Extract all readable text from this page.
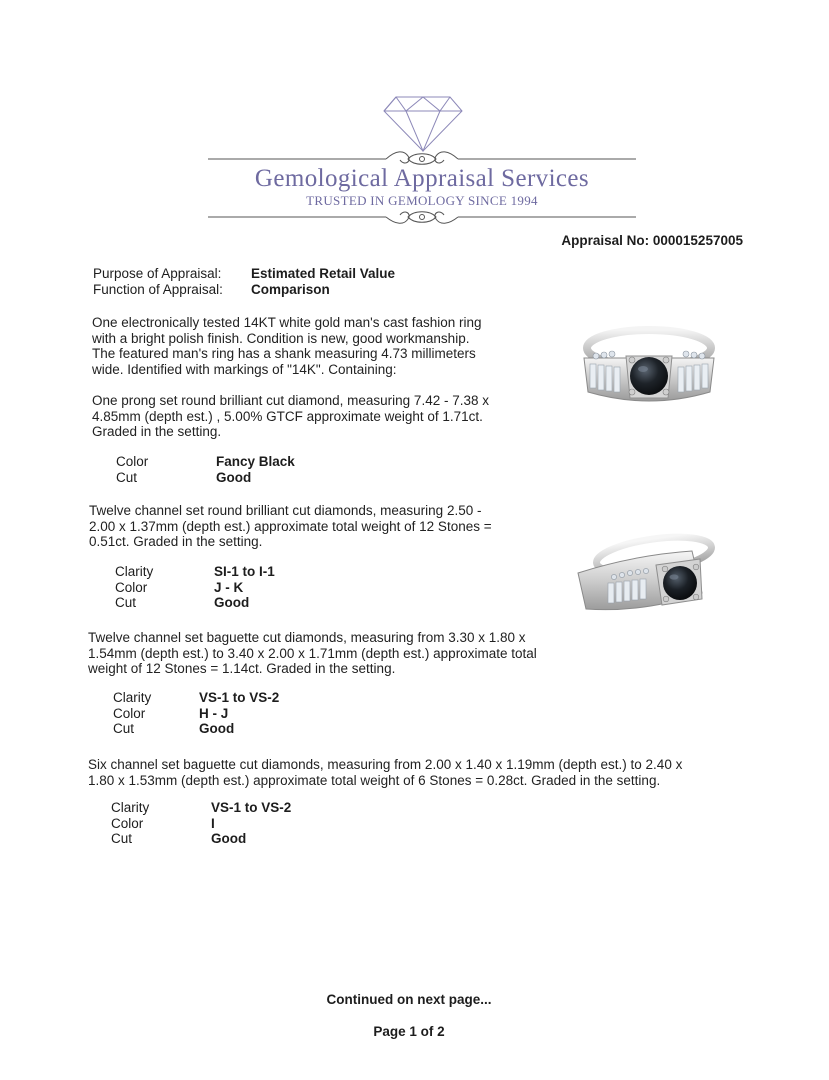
Gemological Appraisal Services
TRUSTED IN GEMOLOGY SINCE 1994
Appraisal No: 000015257005
Purpose of Appraisal: Estimated Retail Value
Function of Appraisal: Comparison
One electronically tested 14KT white gold man's cast fashion ring with a bright polish finish. Condition is new, good workmanship. The featured man's ring has a shank measuring 4.73 millimeters wide. Identified with markings of "14K". Containing:
One prong set round brilliant cut diamond, measuring 7.42 - 7.38 x 4.85mm (depth est.) , 5.00% GTCF approximate weight of 1.71ct. Graded in the setting.
Color	Fancy Black
Cut	Good
Twelve channel set round brilliant cut diamonds, measuring 2.50 - 2.00 x 1.37mm (depth est.) approximate total weight of 12 Stones = 0.51ct. Graded in the setting.
Clarity	SI-1 to I-1
Color	J - K
Cut	Good
Twelve channel set baguette cut diamonds, measuring from 3.30 x 1.80 x 1.54mm (depth est.) to 3.40 x 2.00 x 1.71mm (depth est.) approximate total weight of 12 Stones = 1.14ct. Graded in the setting.
Clarity	VS-1 to VS-2
Color	H - J
Cut	Good
Six channel set baguette cut diamonds, measuring from 2.00 x 1.40 x 1.19mm (depth est.) to 2.40 x 1.80 x 1.53mm (depth est.) approximate total weight of 6 Stones = 0.28ct. Graded in the setting.
Clarity	VS-1 to VS-2
Color	I
Cut	Good
Continued on next page...
Page 1 of 2
